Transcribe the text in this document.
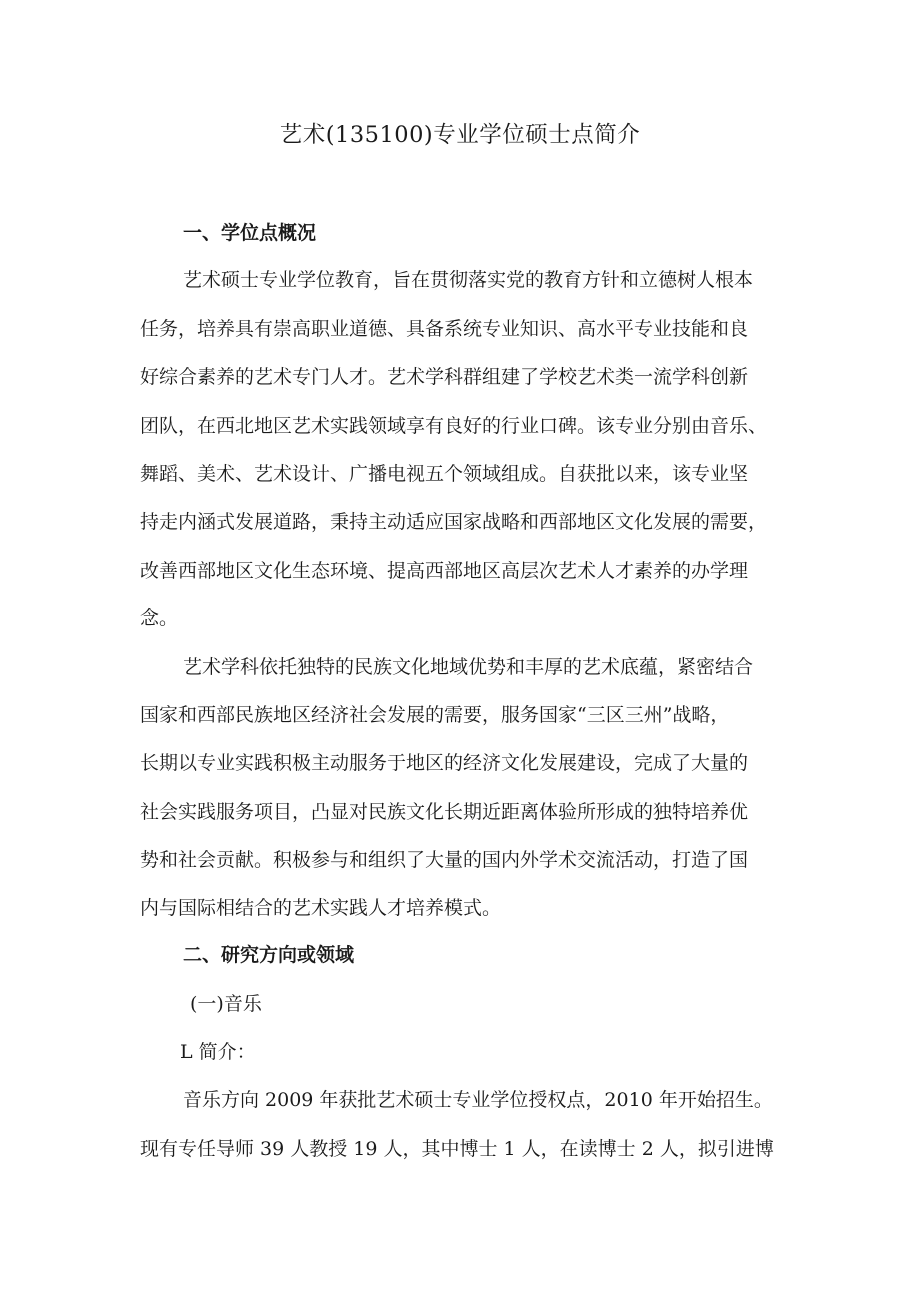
艺术(135100)专业学位硕士点简介
一、学位点概况
艺术硕士专业学位教育，旨在贯彻落实党的教育方针和立德树人根本
任务，培养具有崇高职业道德、具备系统专业知识、高水平专业技能和良
好综合素养的艺术专门人才。艺术学科群组建了学校艺术类一流学科创新
团队，在西北地区艺术实践领域享有良好的行业口碑。该专业分别由音乐、
舞蹈、美术、艺术设计、广播电视五个领域组成。自获批以来，该专业坚
持走内涵式发展道路，秉持主动适应国家战略和西部地区文化发展的需要，
改善西部地区文化生态环境、提高西部地区高层次艺术人才素养的办学理
念。
艺术学科依托独特的民族文化地域优势和丰厚的艺术底蕴，紧密结合
国家和西部民族地区经济社会发展的需要，服务国家“三区三州”战略，
长期以专业实践积极主动服务于地区的经济文化发展建设，完成了大量的
社会实践服务项目，凸显对民族文化长期近距离体验所形成的独特培养优
势和社会贡献。积极参与和组织了大量的国内外学术交流活动，打造了国
内与国际相结合的艺术实践人才培养模式。
二、研究方向或领域
(一)音乐
L 简介：
音乐方向 2009 年获批艺术硕士专业学位授权点，2010 年开始招生。
现有专任导师 39 人教授 19 人，其中博士 1 人，在读博士 2 人，拟引进博
